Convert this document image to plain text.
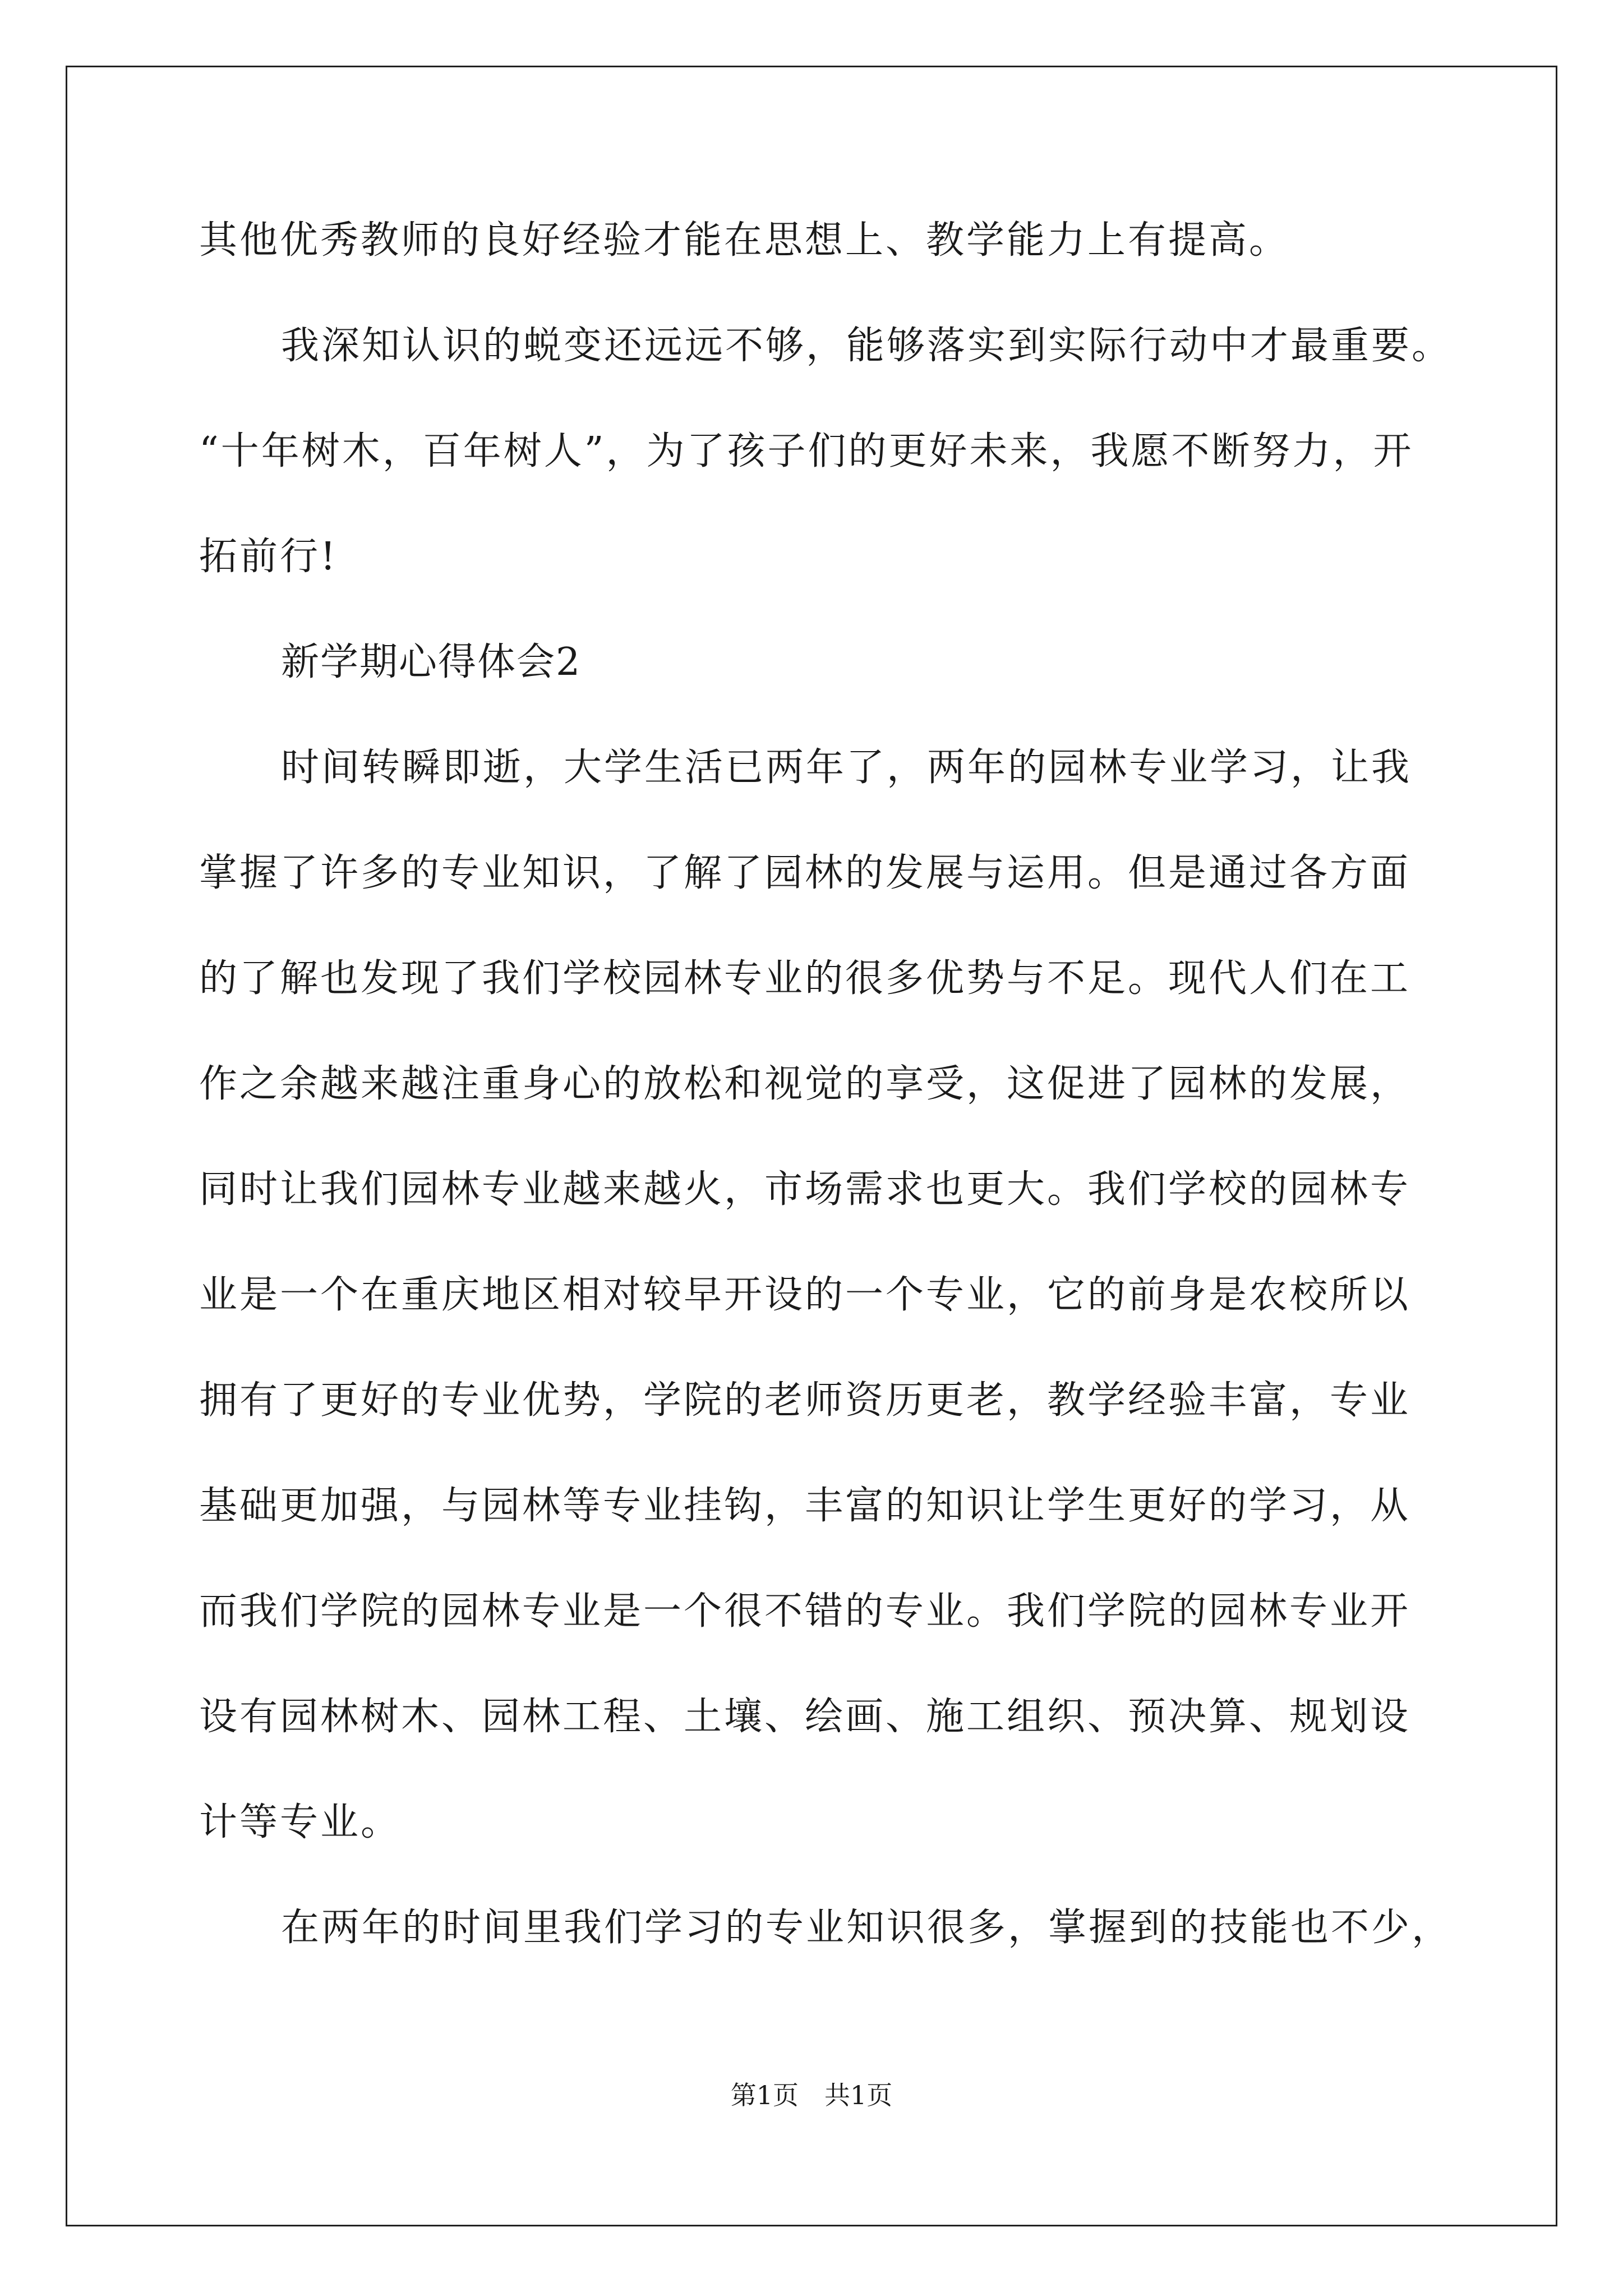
其他优秀教师的良好经验才能在思想上、教学能力上有提高。
我深知认识的蜕变还远远不够，能够落实到实际行动中才最重要。
“十年树木，百年树人”，为了孩子们的更好未来，我愿不断努力，开
拓前行!
新学期心得体会2
时间转瞬即逝，大学生活已两年了，两年的园林专业学习，让我
掌握了许多的专业知识，了解了园林的发展与运用。但是通过各方面
的了解也发现了我们学校园林专业的很多优势与不足。现代人们在工
作之余越来越注重身心的放松和视觉的享受，这促进了园林的发展，
同时让我们园林专业越来越火，市场需求也更大。我们学校的园林专
业是一个在重庆地区相对较早开设的一个专业，它的前身是农校所以
拥有了更好的专业优势，学院的老师资历更老，教学经验丰富，专业
基础更加强，与园林等专业挂钩，丰富的知识让学生更好的学习，从
而我们学院的园林专业是一个很不错的专业。我们学院的园林专业开
设有园林树木、园林工程、土壤、绘画、施工组织、预决算、规划设
计等专业。
在两年的时间里我们学习的专业知识很多，掌握到的技能也不少，
第1页　共1页
